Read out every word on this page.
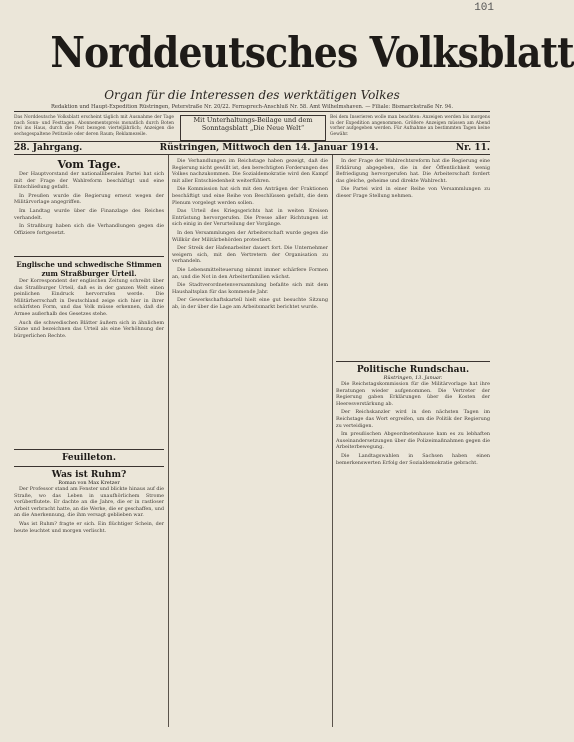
101
Norddeutsches Volksblatt
Organ für die Interessen des werktätigen Volkes
Redaktion und Haupt-Expedition Rüstringen, Peterstraße Nr. 20/22. Fernsprech-Anschluß Nr. 58. Amt Wilhelmshaven. — Filiale: Bismarckstraße Nr. 94.
Das Norddeutsche Volksblatt erscheint täglich mit Ausnahme der Tage nach Sonn- und Festtagen. Abonnementspreis monatlich durch Boten frei ins Haus, durch die Post bezogen vierteljährlich; Anzeigen die sechsgespaltene Petitzeile oder deren Raum; Reklamezeile.
Mit Unterhaltungs-Beilage und dem Sonntagsblatt „Die Neue Welt“
Bei dem Inserieren wolle man beachten: Anzeigen werden bis morgens in der Expedition angenommen. Größere Anzeigen müssen am Abend vorher aufgegeben werden. Für Aufnahme an bestimmten Tagen keine Gewähr.
28. Jahrgang.	Rüstringen, Mittwoch den 14. Januar 1914.	Nr. 11.
Vom Tage.

Der Hauptvorstand der nationalliberalen Partei hat sich mit der Frage der Wahlreform beschäftigt und eine Entschließung gefaßt.

In Preußen wurde die Regierung erneut wegen der Militärvorlage angegriffen.

Im Landtag wurde über die Finanzlage des Reiches verhandelt.

In Straßburg haben sich die Verhandlungen gegen die Offiziere fortgesetzt.

Englische und schwedische Stimmen zum Straßburger Urteil.

Der Korrespondent der englischen Zeitung schreibt über das Straßburger Urteil, daß es in der ganzen Welt einen peinlichen Eindruck hervorrufen werde. Die Militärherrschaft in Deutschland zeige sich hier in ihrer schärfsten Form, und das Volk müsse erkennen, daß die Armee außerhalb des Gesetzes stehe.

Auch die schwedischen Blätter äußern sich in ähnlichem Sinne und bezeichnen das Urteil als eine Verhöhnung der bürgerlichen Rechte.

Feuilleton.
Was ist Ruhm?
Roman von Max Kretzer

Der Professor stand am Fenster und blickte hinaus auf die Straße, wo das Leben in unaufhörlichem Strome vorüberflutete. Er dachte an die Jahre, die er in rastloser Arbeit verbracht hatte, an die Werke, die er geschaffen, und an die Anerkennung, die ihm versagt geblieben war.

Was ist Ruhm? fragte er sich. Ein flüchtiger Schein, der heute leuchtet und morgen verlischt.

Die Verhandlungen im Reichstage haben gezeigt, daß die Regierung nicht gewillt ist, den berechtigten Forderungen des Volkes nachzukommen. Die Sozialdemokratie wird den Kampf mit aller Entschiedenheit weiterführen.

Die Kommission hat sich mit den Anträgen der Fraktionen beschäftigt und eine Reihe von Beschlüssen gefaßt, die dem Plenum vorgelegt werden sollen.

Das Urteil des Kriegsgerichts hat in weiten Kreisen Entrüstung hervorgerufen. Die Presse aller Richtungen ist sich einig in der Verurteilung der Vorgänge.

In den Versammlungen der Arbeiterschaft wurde gegen die Willkür der Militärbehörden protestiert.

Der Streik der Hafenarbeiter dauert fort. Die Unternehmer weigern sich, mit den Vertretern der Organisation zu verhandeln.

Die Lebensmittelteuerung nimmt immer schärfere Formen an, und die Not in den Arbeiterfamilien wächst.

Die Stadtverordnetenversammlung befaßte sich mit dem Haushaltsplan für das kommende Jahr.

Der Gewerkschaftskartell hielt eine gut besuchte Sitzung ab, in der über die Lage am Arbeitsmarkt berichtet wurde.

In der Frage der Wahlrechtsreform hat die Regierung eine Erklärung abgegeben, die in der Öffentlichkeit wenig Befriedigung hervorgerufen hat. Die Arbeiterschaft fordert das gleiche, geheime und direkte Wahlrecht.

Die Partei wird in einer Reihe von Versammlungen zu dieser Frage Stellung nehmen.

Politische Rundschau.
Rüstringen, 13. Januar.

Die Reichstagskommission für die Militärvorlage hat ihre Beratungen wieder aufgenommen. Die Vertreter der Regierung gaben Erklärungen über die Kosten der Heeresverstärkung ab.

Der Reichskanzler wird in den nächsten Tagen im Reichstage das Wort ergreifen, um die Politik der Regierung zu verteidigen.

Im preußischen Abgeordnetenhause kam es zu lebhaften Auseinandersetzungen über die Polizeimaßnahmen gegen die Arbeiterbewegung.

Die Landtagswahlen in Sachsen haben einen bemerkenswerten Erfolg der Sozialdemokratie gebracht.
